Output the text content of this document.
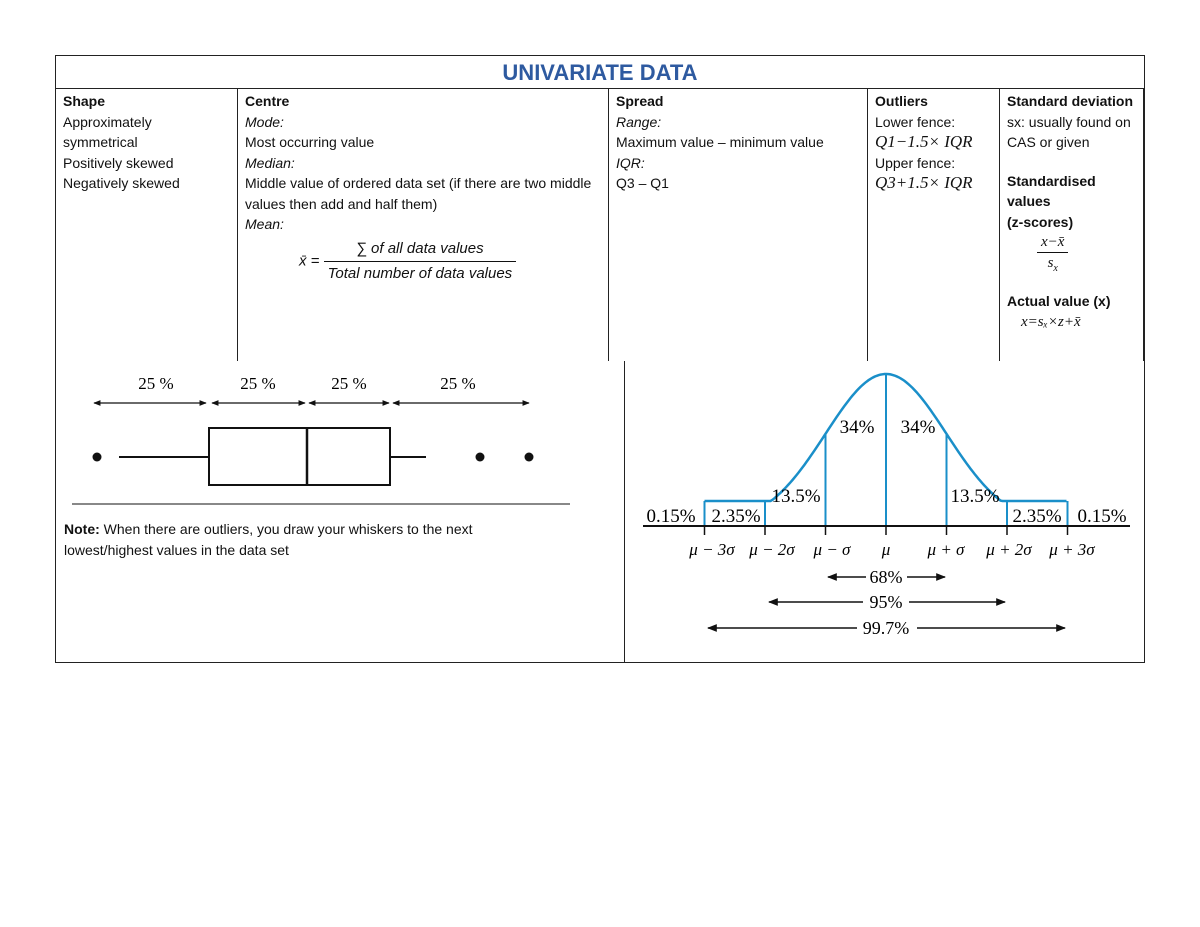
UNIVARIATE DATA
Shape
Approximately
symmetrical
Positively skewed
Negatively skewed
Centre
Mode:
Most occurring value
Median:
Middle value of ordered data set (if there are two middle values then add and half them)
Mean:
x̄ = $\frac{\text{∑ of all data values}}{\text{Total number of data values}}$
Spread
Range:
Maximum value – minimum value
IQR:
Q3 – Q1
Outliers
Lower fence:
Q1−1.5× IQR
Upper fence:
Q3+1.5× IQR
Standard deviation
sx: usually found on CAS or given
Standardised values
(z-scores)
$\frac{x-x̄}{s_x}$
Actual value (x)
x=sₓ×z+x̄
25 %	25 %	25 %	25 %
Note: When there are outliers, you draw your whiskers to the next lowest/highest values in the data set
0.15% 2.35%
13.5%
34% 34%
13.5%
2.35% 0.15%
μ − 3σ μ − 2σ μ − σ μ μ + σ μ + 2σ μ + 3σ
68%
95%
99.7%
